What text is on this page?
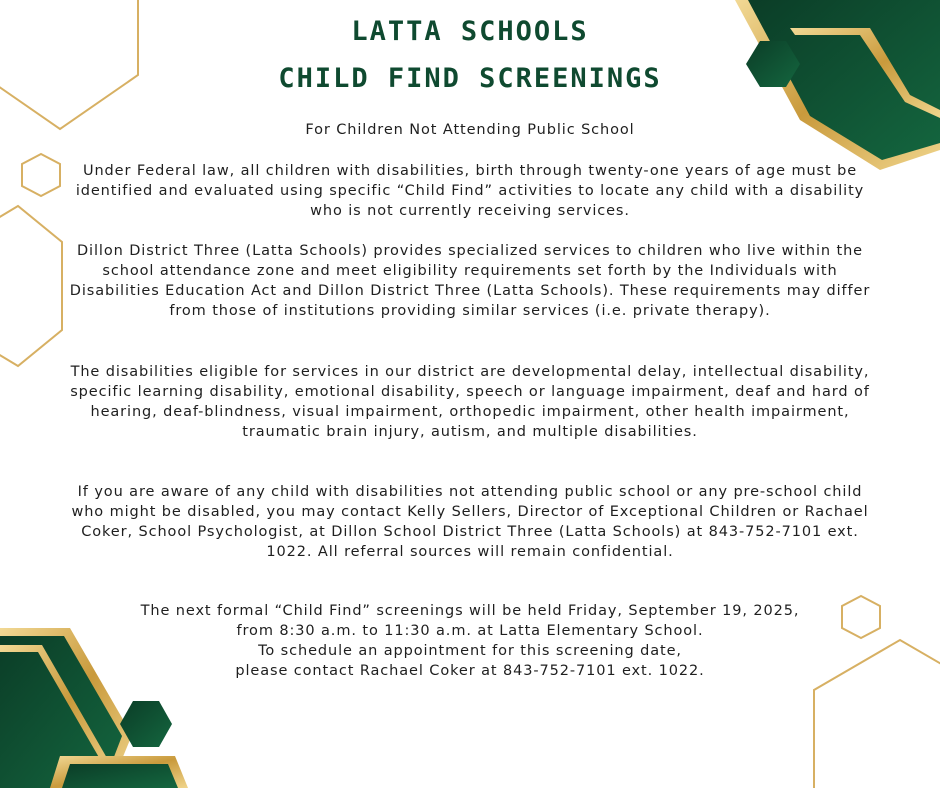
LATTA SCHOOLS
CHILD FIND SCREENINGS

For Children Not Attending Public School

Under Federal law, all children with disabilities, birth through twenty-one years of age must be identified and evaluated using specific “Child Find” activities to locate any child with a disability who is not currently receiving services.

Dillon District Three (Latta Schools) provides specialized services to children who live within the school attendance zone and meet eligibility requirements set forth by the Individuals with Disabilities Education Act and Dillon District Three (Latta Schools). These requirements may differ from those of institutions providing similar services (i.e. private therapy).

The disabilities eligible for services in our district are developmental delay, intellectual disability, specific learning disability, emotional disability, speech or language impairment, deaf and hard of hearing, deaf-blindness, visual impairment, orthopedic impairment, other health impairment, traumatic brain injury, autism, and multiple disabilities.

If you are aware of any child with disabilities not attending public school or any pre-school child who might be disabled, you may contact Kelly Sellers, Director of Exceptional Children or Rachael Coker, School Psychologist, at Dillon School District Three (Latta Schools) at 843-752-7101 ext. 1022. All referral sources will remain confidential.

The next formal “Child Find” screenings will be held Friday, September 19, 2025,
from 8:30 a.m. to 11:30 a.m. at Latta Elementary School.
To schedule an appointment for this screening date,
please contact Rachael Coker at 843-752-7101 ext. 1022.
